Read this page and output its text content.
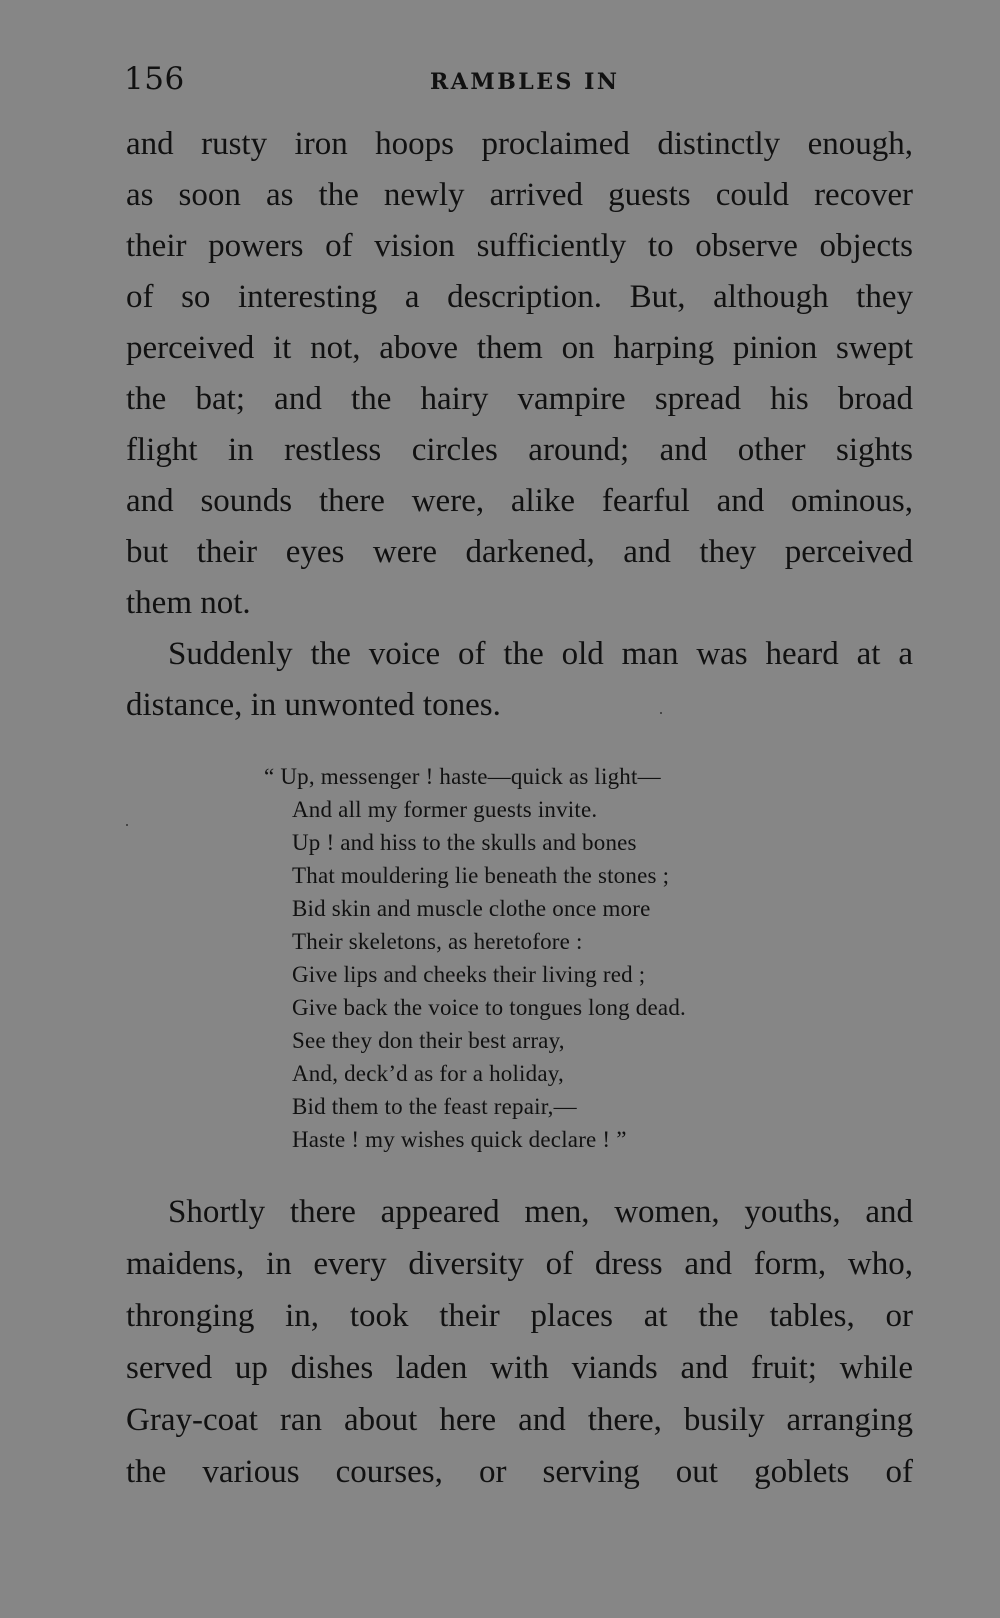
156	RAMBLES IN
and rusty iron hoops proclaimed distinctly enough,
as soon as the newly arrived guests could recover
their powers of vision sufficiently to observe objects
of so interesting a description. But, although they
perceived it not, above them on harping pinion swept
the bat; and the hairy vampire spread his broad
flight in restless circles around; and other sights
and sounds there were, alike fearful and ominous,
but their eyes were darkened, and they perceived
them not.
Suddenly the voice of the old man was heard at a
distance, in unwonted tones.
“ Up, messenger ! haste—quick as light—
And all my former guests invite.
Up ! and hiss to the skulls and bones
That mouldering lie beneath the stones ;
Bid skin and muscle clothe once more
Their skeletons, as heretofore :
Give lips and cheeks their living red ;
Give back the voice to tongues long dead.
See they don their best array,
And, deck’d as for a holiday,
Bid them to the feast repair,—
Haste ! my wishes quick declare ! ”
Shortly there appeared men, women, youths, and
maidens, in every diversity of dress and form, who,
thronging in, took their places at the tables, or
served up dishes laden with viands and fruit; while
Gray-coat ran about here and there, busily arranging
the various courses, or serving out goblets of
